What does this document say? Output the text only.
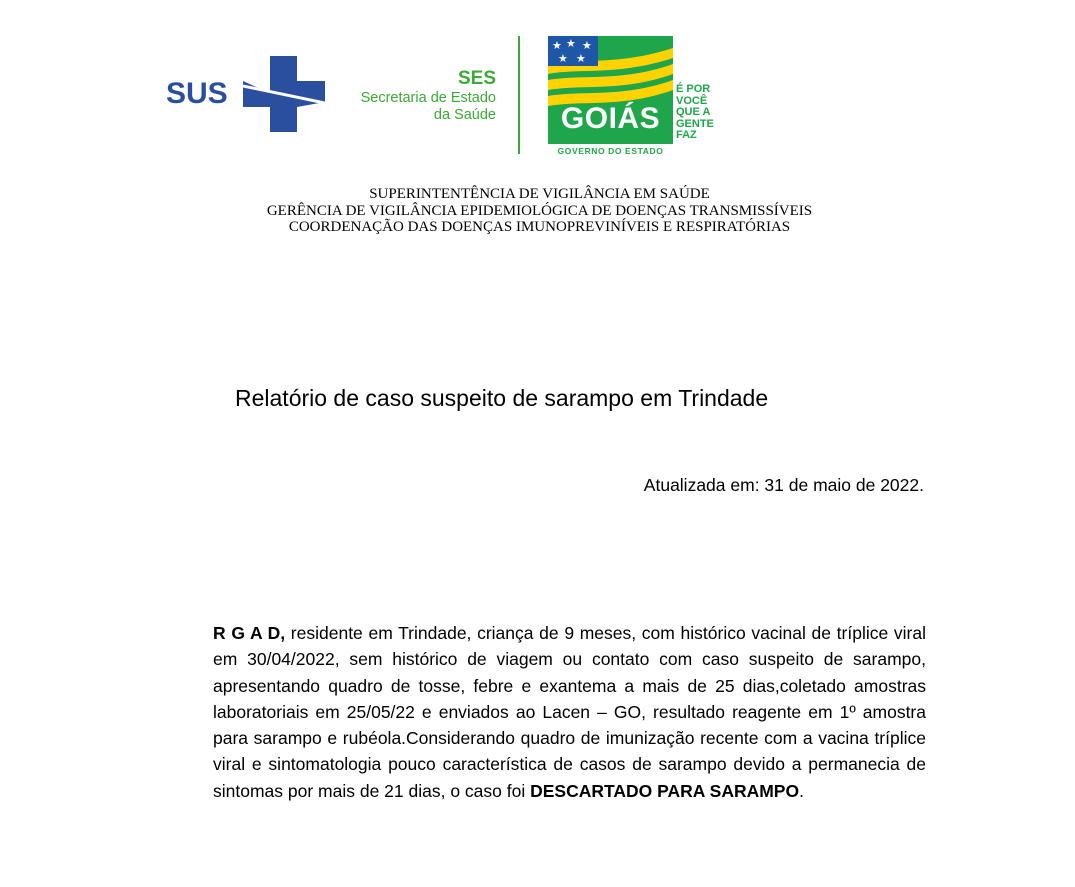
SUS	SES
Secretaria de Estado
da Saúde
★ ★ ★
★ ★
GOIÁS
É POR
VOCÊ
QUE A
GENTE
FAZ
GOVERNO DO ESTADO
SUPERINTENTÊNCIA DE VIGILÂNCIA EM SAÚDE
GERÊNCIA DE VIGILÂNCIA EPIDEMIOLÓGICA DE DOENÇAS TRANSMISSÍVEIS
COORDENAÇÃO DAS DOENÇAS IMUNOPREVINÍVEIS E RESPIRATÓRIAS
Relatório de caso suspeito de sarampo em Trindade
Atualizada em: 31 de maio de 2022.
R G A D, residente em Trindade, criança de 9 meses, com histórico vacinal de tríplice viral em 30/04/2022, sem histórico de viagem ou contato com caso suspeito de sarampo, apresentando quadro de tosse, febre e exantema a mais de 25 dias,coletado amostras laboratoriais em 25/05/22 e enviados ao Lacen – GO, resultado reagente em 1º amostra para sarampo e rubéola.Considerando quadro de imunização recente com a vacina tríplice viral e sintomatologia pouco característica de casos de sarampo devido a permanecia de sintomas por mais de 21 dias, o caso foi DESCARTADO PARA SARAMPO.
